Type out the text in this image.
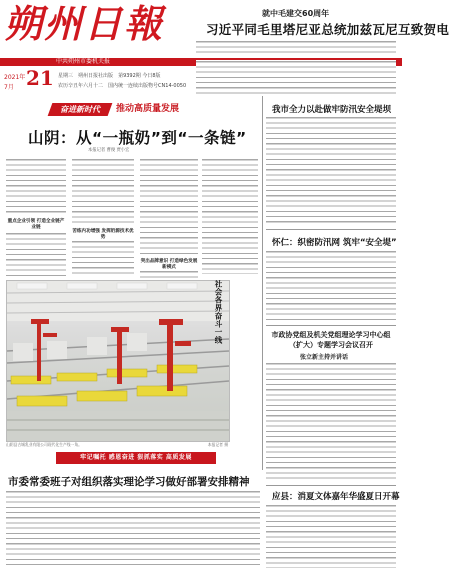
朔州日報	就中毛建交60周年
习近平同毛里塔尼亚总统加兹瓦尼互致贺电
中共朔州市委机关报
2021年
7月 21 星期三　 朔州日报社出版　 第9392期 今日8版
农历辛丑年六月十二　 国内统一连续出版物号CN14-0050
奋进新时代	推动高质量发展
山阴：从“一瓶奶”到“一条链”
本报记者 曹俊 贾小宏
重点企业引领 打造全业链产业链
苦练内功增强 发挥奶源技术优势
突出品牌意识 打造绿色发展新模式
社会各界奋斗一线
山阴县古城乳业有限公司现代化生产线一角。	本报记者 摄
我市全力以赴做牢防汛安全堤坝
怀仁：织密防汛网 筑牢“安全堤”
市政协党组及机关党组理论学习中心组（扩大）专题学习会议召开
张立新主持并讲话
应县：消夏文体嘉年华盛夏日开幕
牢记嘱托 感恩奋进 狠抓落实 高质发展
市委常委班子对组织落实理论学习做好部署安排精神
